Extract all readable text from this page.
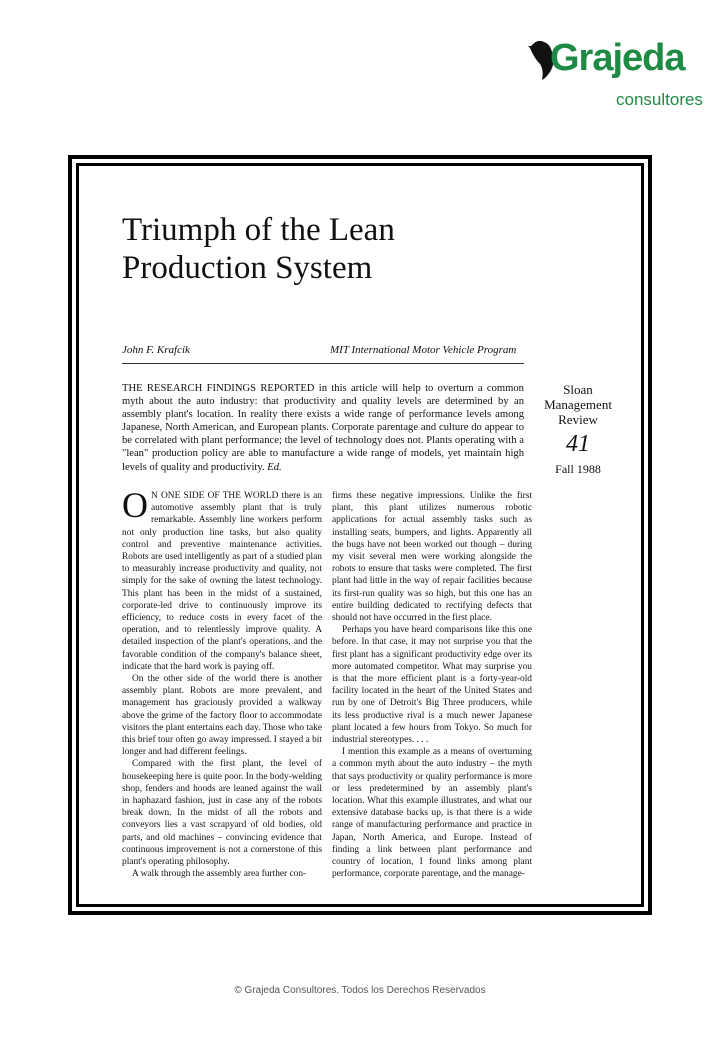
Grajeda
consultores
Triumph of the Lean
Production System
John F. Krafcik	MIT International Motor Vehicle Program
THE RESEARCH FINDINGS REPORTED in this article will help to overturn a common myth about the auto industry: that productivity and quality levels are determined by an assembly plant's location. In reality there exists a wide range of performance levels among Japanese, North American, and European plants. Corporate parentage and culture do appear to be correlated with plant performance; the level of technology does not. Plants operating with a "lean" production policy are able to manufacture a wide range of models, yet maintain high levels of quality and productivity. Ed.
Sloan
Management
Review
41
Fall 1988

O N ONE SIDE OF THE WORLD there is an automotive assembly plant that is truly remarkable. Assembly line workers perform not only production line tasks, but also quality control and preventive maintenance activities. Robots are used intelligently as part of a studied plan to measurably increase productivity and quality, not simply for the sake of owning the latest technology. This plant has been in the midst of a sustained, corporate-led drive to continuously improve its efficiency, to reduce costs in every facet of the operation, and to relentlessly improve quality. A detailed inspection of the plant's operations, and the favorable condition of the company's balance sheet, indicate that the hard work is paying off.

On the other side of the world there is another assembly plant. Robots are more prevalent, and management has graciously provided a walkway above the grime of the factory floor to accommodate visitors the plant entertains each day. Those who take this brief tour often go away impressed. I stayed a bit longer and had different feelings.

Compared with the first plant, the level of housekeeping here is quite poor. In the body-welding shop, fenders and hoods are leaned against the wall in haphazard fashion, just in case any of the robots break down. In the midst of all the robots and conveyors lies a vast scrapyard of old bodies, old parts, and old machines – convincing evidence that continuous improvement is not a cornerstone of this plant's operating philosophy.

A walk through the assembly area further con-

firms these negative impressions. Unlike the first plant, this plant utilizes numerous robotic applications for actual assembly tasks such as installing seats, bumpers, and lights. Apparently all the bugs have not been worked out though – during my visit several men were working alongside the robots to ensure that tasks were completed. The first plant had little in the way of repair facilities because its first-run quality was so high, but this one has an entire building dedicated to rectifying defects that should not have occurred in the first place.

Perhaps you have heard comparisons like this one before. In that case, it may not surprise you that the first plant has a significant productivity edge over its more automated competitor. What may surprise you is that the more efficient plant is a forty-year-old facility located in the heart of the United States and run by one of Detroit's Big Three producers, while its less productive rival is a much newer Japanese plant located a few hours from Tokyo. So much for industrial stereotypes. . . .

I mention this example as a means of overturning a common myth about the auto industry – the myth that says productivity or quality performance is more or less predetermined by an assembly plant's location. What this example illustrates, and what our extensive database backs up, is that there is a wide range of manufacturing performance and practice in Japan, North America, and Europe. Instead of finding a link between plant performance and country of location, I found links among plant performance, corporate parentage, and the manage-

© Grajeda Consultores. Todos los Derechos Reservados
